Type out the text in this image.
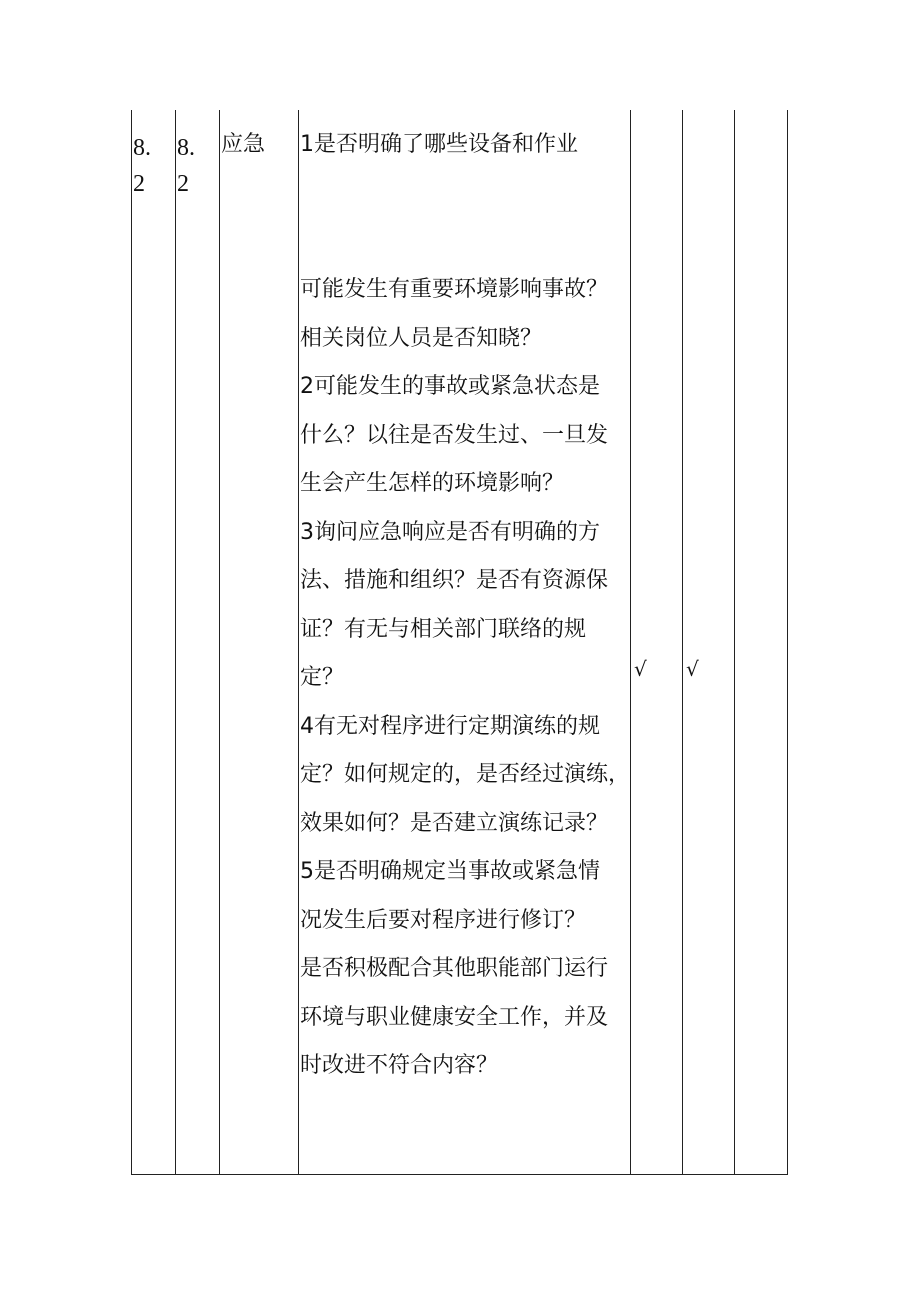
8.
2
8.
2
应急 1是否明确了哪些设备和作业
可能发生有重要环境影响事故？
相关岗位人员是否知晓？
2可能发生的事故或紧急状态是
什么？以往是否发生过、一旦发
生会产生怎样的环境影响？
3询问应急响应是否有明确的方
法、措施和组织？是否有资源保
证？有无与相关部门联络的规
定？
4有无对程序进行定期演练的规
定？如何规定的，是否经过演练，
效果如何？是否建立演练记录？
5是否明确规定当事故或紧急情
况发生后要对程序进行修订？
是否积极配合其他职能部门运行
环境与职业健康安全工作，并及
时改进不符合内容？
√ √
